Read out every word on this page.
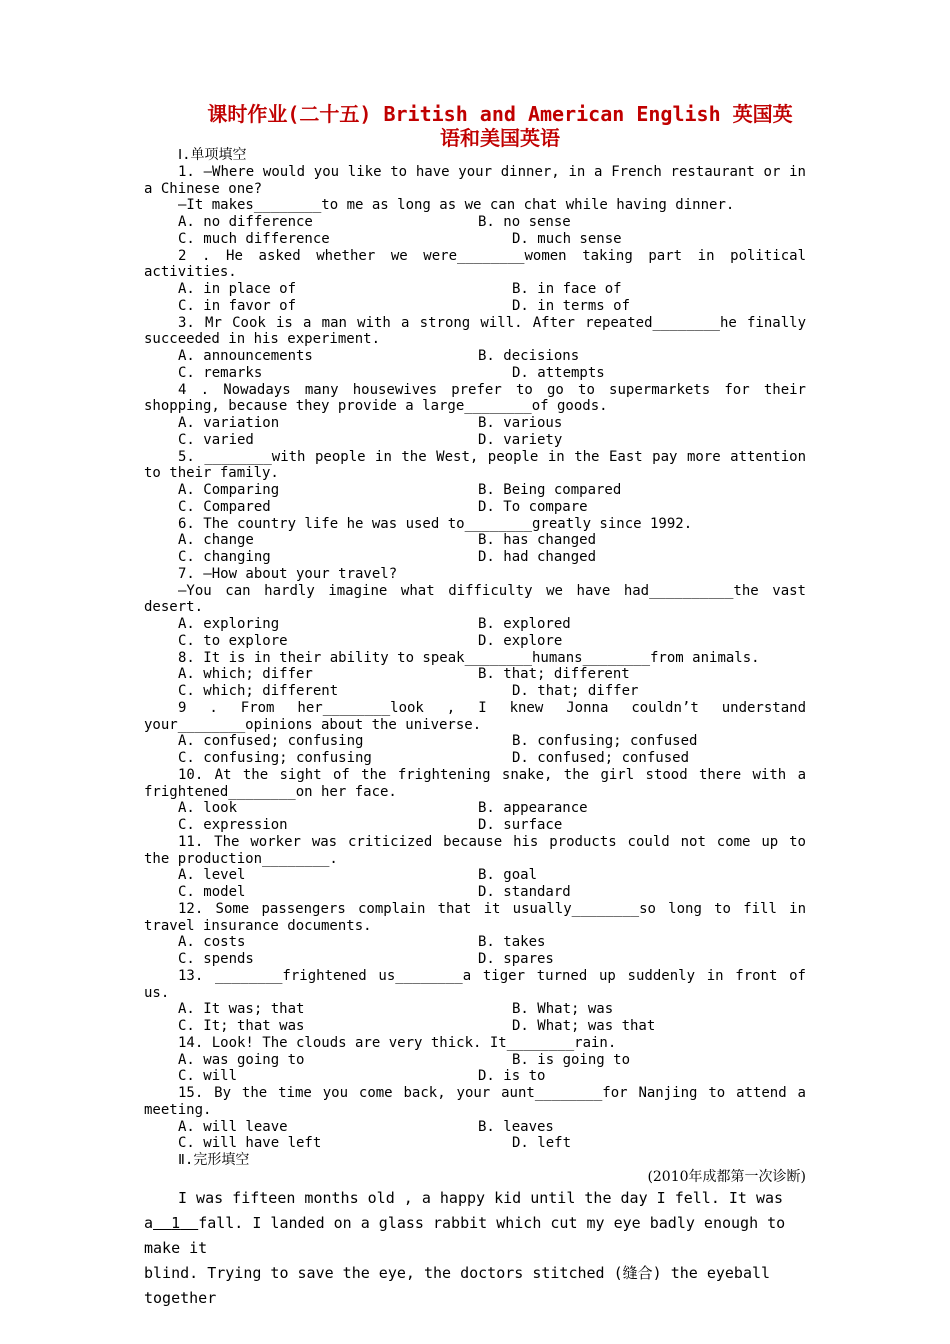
课时作业(二十五) British and American English 英国英
语和美国英语

Ⅰ.单项填空

1. —Where would you like to have your dinner, in a French restaurant or in a Chinese one?

—It makes________to me as long as we can chat while having dinner.

A. no difference	B. no sense
C. much difference	D. much sense

2 . He asked whether we were________women taking part in political activities.

A. in place of	B. in face of
C. in favor of	D. in terms of

3. Mr Cook is a man with a strong will. After repeated________he finally succeeded in his experiment.

A. announcements	B. decisions
C. remarks	D. attempts

4 . Nowadays many housewives prefer to go to supermarkets for their shopping, because they provide a large________of goods.

A. variation	B. various
C. varied	D. variety

5. ________with people in the West, people in the East pay more attention to their family.

A. Comparing	B. Being compared
C. Compared	D. To compare

6. The country life he was used to________greatly since 1992.

A. change	B. has changed
C. changing	D. had changed

7. —How about your travel?

—You can hardly imagine what difficulty we have had__________the vast desert.

A. exploring	B. explored
C. to explore	D. explore

8. It is in their ability to speak________humans________from animals.

A. which; differ	B. that; different
C. which; different	D. that; differ

9 . From her________look , I knew Jonna couldn’t understand your________opinions about the universe.

A. confused; confusing	B. confusing; confused
C. confusing; confusing	D. confused; confused

10. At the sight of the frightening snake, the girl stood there with a frightened________on her face.

A. look	B. appearance
C. expression	D. surface

11. The worker was criticized because his products could not come up to the production________.

A. level	B. goal
C. model	D. standard

12. Some passengers complain that it usually________so long to fill in travel insurance documents.

A. costs	B. takes
C. spends	D. spares

13. ________frightened us________a tiger turned up suddenly in front of us.

A. It was; that	B. What; was
C. It; that was	D. What; was that

14. Look! The clouds are very thick. It________rain.

A. was going to	B. is going to
C. will	D. is to

15. By the time you come back, your aunt________for Nanjing to attend a meeting.

A. will leave	B. leaves
C. will have left	D. left

Ⅱ.完形填空

(2010年成都第一次诊断)

I was fifteen months old , a happy kid until the day I fell. It was

a 1 fall. I landed on a glass rabbit which cut my eye badly enough to make it

blind. Trying to save the eye, the doctors stitched (缝合) the eyeball together
